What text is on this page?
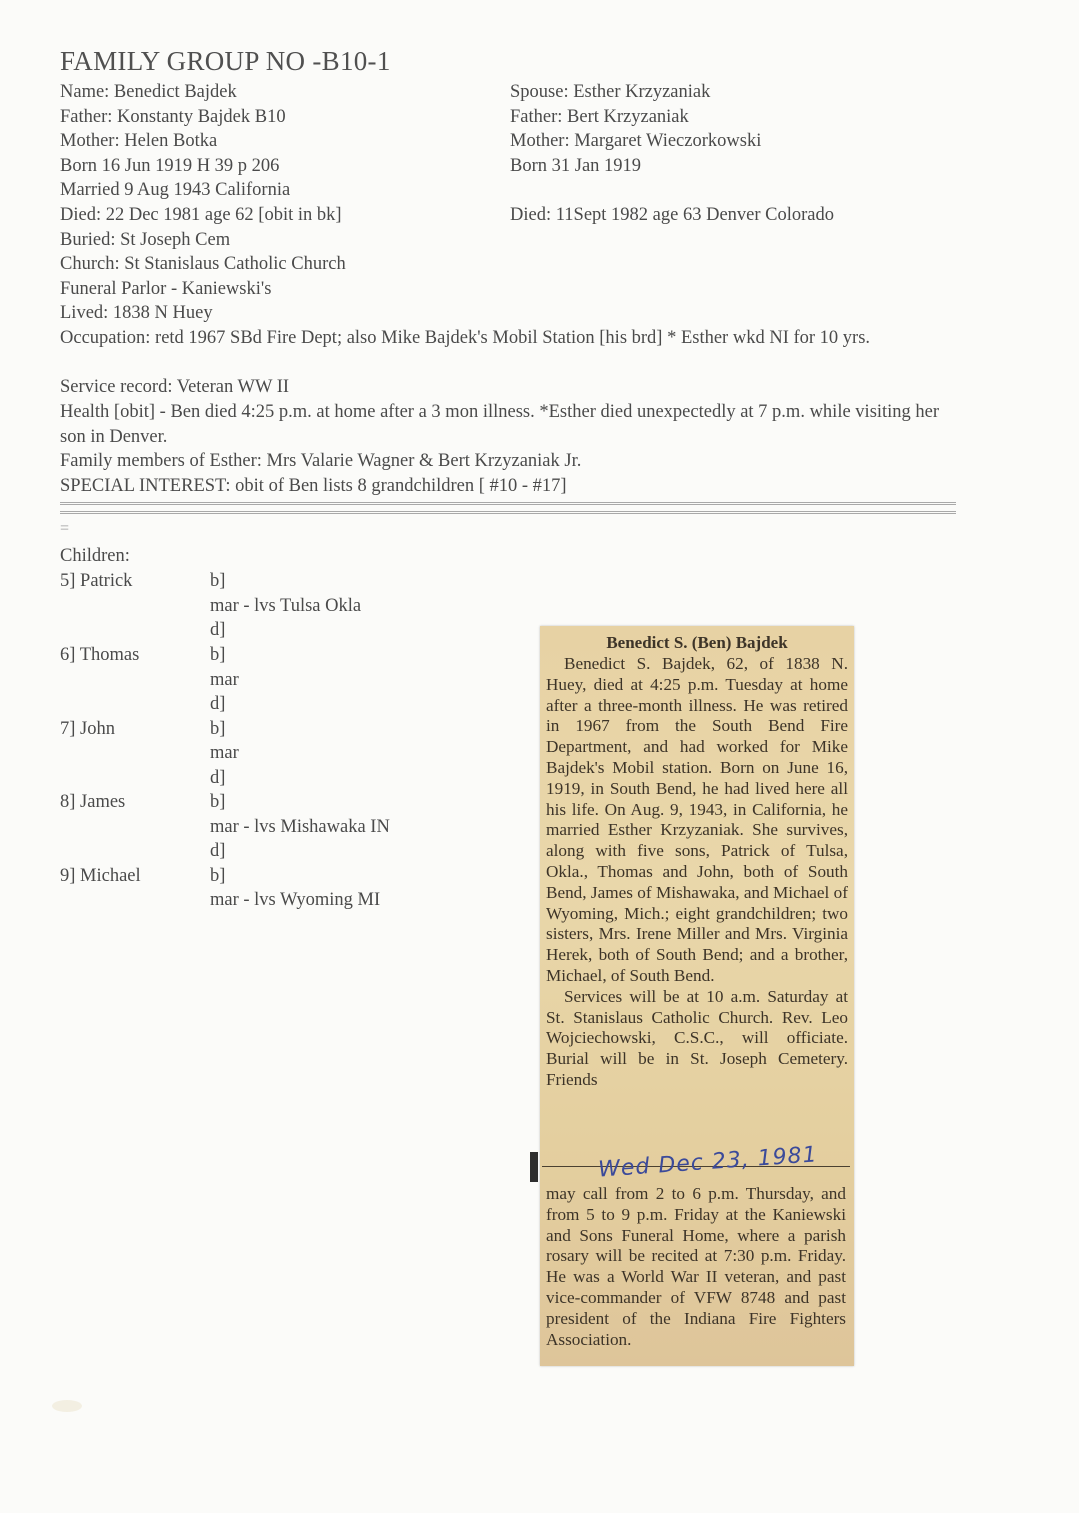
FAMILY GROUP NO -B10-1
Name: Benedict Bajdek
Father: Konstanty Bajdek B10
Mother: Helen Botka
Born 16 Jun 1919 H 39 p 206
Married 9 Aug 1943 California
Died: 22 Dec 1981 age 62 [obit in bk]
Buried: St Joseph Cem
Church: St Stanislaus Catholic Church
Funeral Parlor - Kaniewski's
Lived: 1838 N Huey
Spouse: Esther Krzyzaniak
Father: Bert Krzyzaniak
Mother: Margaret Wieczorkowski
Born 31 Jan 1919
Died: 11Sept 1982 age 63 Denver Colorado
Occupation: retd 1967 SBd Fire Dept; also Mike Bajdek's Mobil Station [his brd] * Esther wkd NI for 10 yrs.
Service record: Veteran WW II
Health [obit] - Ben died 4:25 p.m. at home after a 3 mon illness. *Esther died unexpectedly at 7 p.m. while visiting her son in Denver.
Family members of Esther: Mrs Valarie Wagner & Bert Krzyzaniak Jr.
SPECIAL INTEREST: obit of Ben lists 8 grandchildren [ #10 - #17]
=
Children:
5] Patrick	b]
mar - lvs Tulsa Okla
d]
6] Thomas	b]
mar
d]
7] John	b]
mar
d]
8] James	b]
mar - lvs Mishawaka IN
d]
9] Michael	b]
mar - lvs Wyoming MI
Benedict S. (Ben) Bajdek

Benedict S. Bajdek, 62, of 1838 N. Huey, died at 4:25 p.m. Tuesday at home after a three-month illness. He was retired in 1967 from the South Bend Fire Department, and had worked for Mike Bajdek's Mobil station. Born on June 16, 1919, in South Bend, he had lived here all his life. On Aug. 9, 1943, in California, he married Esther Krzyzaniak. She survives, along with five sons, Patrick of Tulsa, Okla., Thomas and John, both of South Bend, James of Mishawaka, and Michael of Wyoming, Mich.; eight grandchildren; two sisters, Mrs. Irene Miller and Mrs. Virginia Herek, both of South Bend; and a brother, Michael, of South Bend.

Services will be at 10 a.m. Saturday at St. Stanislaus Catholic Church. Rev. Leo Wojciechowski, C.S.C., will officiate. Burial will be in St. Joseph Cemetery. Friends

Wed Dec 23, 1981

may call from 2 to 6 p.m. Thursday, and from 5 to 9 p.m. Friday at the Kaniewski and Sons Funeral Home, where a parish rosary will be recited at 7:30 p.m. Friday. He was a World War II veteran, and past vice-commander of VFW 8748 and past president of the Indiana Fire Fighters Association.
